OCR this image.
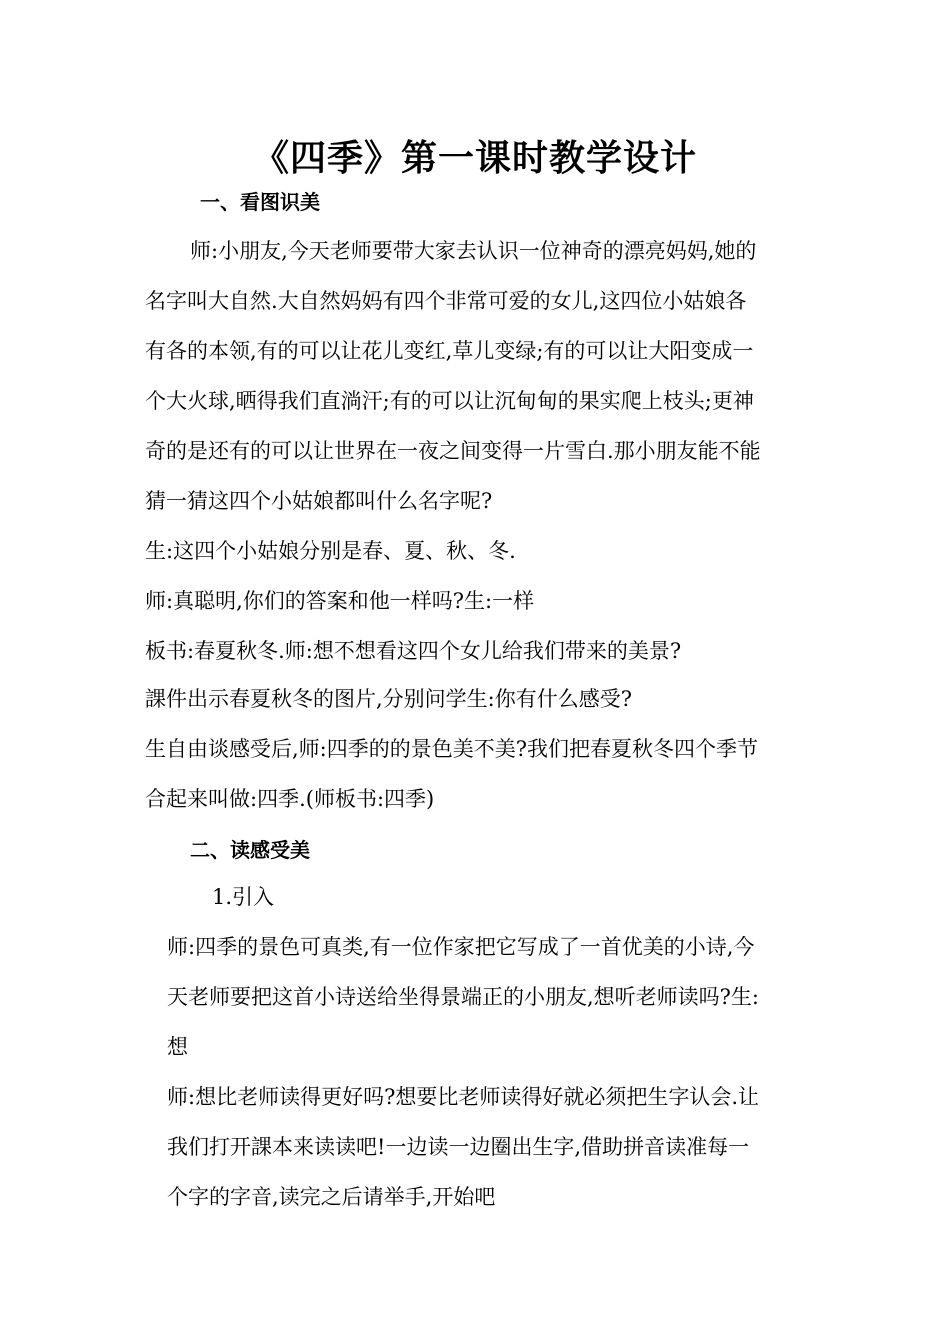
《四季》第一课时教学设计
一、看图识美
师:小朋友,今天老师要带大家去认识一位神奇的漂亮妈妈,她的
名字叫大自然.大自然妈妈有四个非常可爱的女儿,这四位小姑娘各
有各的本领,有的可以让花儿变红,草儿变绿;有的可以让大阳变成一
个大火球,晒得我们直淌汗;有的可以让沉甸甸的果实爬上枝头;更神
奇的是还有的可以让世界在一夜之间变得一片雪白.那小朋友能不能
猜一猜这四个小姑娘都叫什么名字呢?
生:这四个小姑娘分别是春、夏、秋、冬.
师:真聪明,你们的答案和他一样吗?生:一样
板书:春夏秋冬.师:想不想看这四个女儿给我们带来的美景?
課件出示春夏秋冬的图片,分别问学生:你有什么感受?
生自由谈感受后,师:四季的的景色美不美?我们把春夏秋冬四个季节
合起来叫做:四季.(师板书:四季)
二、读感受美
1.引入
师:四季的景色可真类,有一位作家把它写成了一首优美的小诗,今
天老师要把这首小诗送给坐得景端正的小朋友,想听老师读吗?生:
想
师:想比老师读得更好吗?想要比老师读得好就必须把生字认会.让
我们打开課本来读读吧!一边读一边圈出生字,借助拼音读准每一
个字的字音,读完之后请举手,开始吧
